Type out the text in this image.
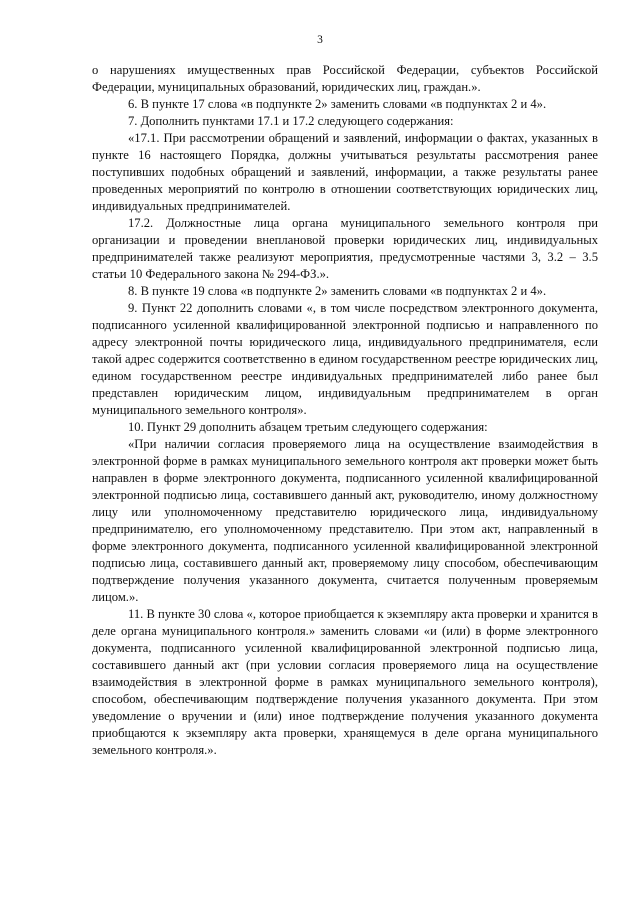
3

о нарушениях имущественных прав Российской Федерации, субъектов Российской Федерации, муниципальных образований, юридических лиц, граждан.».

6. В пункте 17 слова «в подпункте 2» заменить словами «в подпунктах 2 и 4».

7. Дополнить пунктами 17.1 и 17.2 следующего содержания:

«17.1. При рассмотрении обращений и заявлений, информации о фактах, указанных в пункте 16 настоящего Порядка, должны учитываться результаты рассмотрения ранее поступивших подобных обращений и заявлений, информации, а также результаты ранее проведенных мероприятий по контролю в отношении соответствующих юридических лиц, индивидуальных предпринимателей.

17.2. Должностные лица органа муниципального земельного контроля при организации и проведении внеплановой проверки юридических лиц, индивидуальных предпринимателей также реализуют мероприятия, предусмотренные частями 3, 3.2 – 3.5 статьи 10 Федерального закона № 294-ФЗ.».

8. В пункте 19 слова «в подпункте 2» заменить словами «в подпунктах 2 и 4».

9. Пункт 22 дополнить словами «, в том числе посредством электронного документа, подписанного усиленной квалифицированной электронной подписью и направленного по адресу электронной почты юридического лица, индивидуального предпринимателя, если такой адрес содержится соответственно в едином государственном реестре юридических лиц, едином государственном реестре индивидуальных предпринимателей либо ранее был представлен юридическим лицом, индивидуальным предпринимателем в орган муниципального земельного контроля».

10. Пункт 29 дополнить абзацем третьим следующего содержания:

«При наличии согласия проверяемого лица на осуществление взаимодействия в электронной форме в рамках муниципального земельного контроля акт проверки может быть направлен в форме электронного документа, подписанного усиленной квалифицированной электронной подписью лица, составившего данный акт, руководителю, иному должностному лицу или уполномоченному представителю юридического лица, индивидуальному предпринимателю, его уполномоченному представителю. При этом акт, направленный в форме электронного документа, подписанного усиленной квалифицированной электронной подписью лица, составившего данный акт, проверяемому лицу способом, обеспечивающим подтверждение получения указанного документа, считается полученным проверяемым лицом.».

11. В пункте 30 слова «, которое приобщается к экземпляру акта проверки и хранится в деле органа муниципального контроля.» заменить словами «и (или) в форме электронного документа, подписанного усиленной квалифицированной электронной подписью лица, составившего данный акт (при условии согласия проверяемого лица на осуществление взаимодействия в электронной форме в рамках муниципального земельного контроля), способом, обеспечивающим подтверждение получения указанного документа. При этом уведомление о вручении и (или) иное подтверждение получения указанного документа приобщаются к экземпляру акта проверки, хранящемуся в деле органа муниципального земельного контроля.».
